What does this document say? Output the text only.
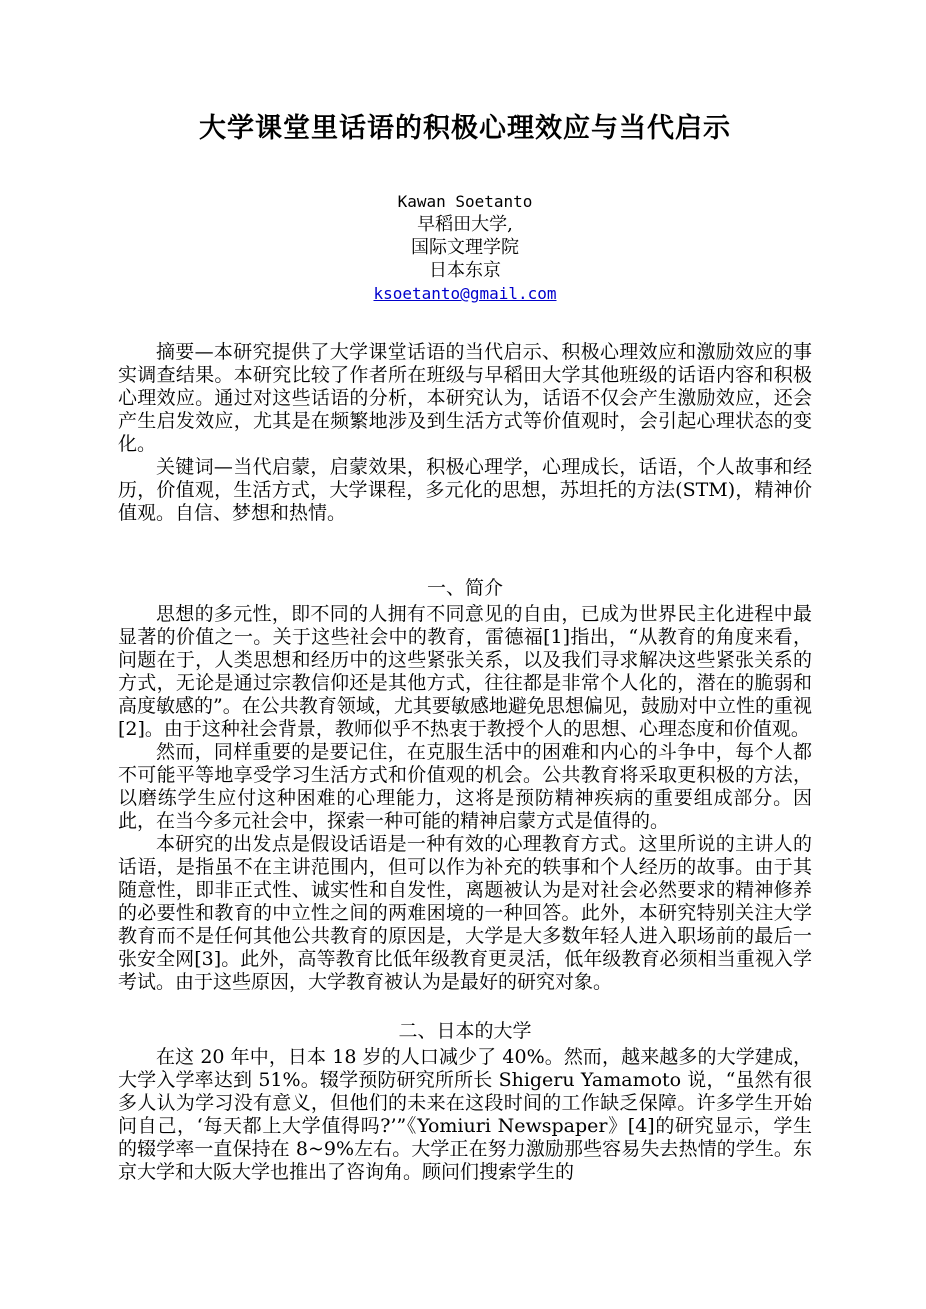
大学课堂里话语的积极心理效应与当代启示
Kawan Soetanto
早稻田大学,
国际文理学院
日本东京
ksoetanto@gmail.com

摘要—本研究提供了大学课堂话语的当代启示、积极心理效应和激励效应的事实调查结果。本研究比较了作者所在班级与早稻田大学其他班级的话语内容和积极心理效应。通过对这些话语的分析，本研究认为，话语不仅会产生激励效应，还会产生启发效应，尤其是在频繁地涉及到生活方式等价值观时，会引起心理状态的变化。

关键词—当代启蒙，启蒙效果，积极心理学，心理成长，话语，个人故事和经历，价值观，生活方式，大学课程，多元化的思想，苏坦托的方法(STM)，精神价值观。自信、梦想和热情。

一、简介

思想的多元性，即不同的人拥有不同意见的自由，已成为世界民主化进程中最显著的价值之一。关于这些社会中的教育，雷德福[1]指出，“从教育的角度来看，问题在于，人类思想和经历中的这些紧张关系，以及我们寻求解决这些紧张关系的方式，无论是通过宗教信仰还是其他方式，往往都是非常个人化的，潜在的脆弱和高度敏感的”。在公共教育领域，尤其要敏感地避免思想偏见，鼓励对中立性的重视[2]。由于这种社会背景，教师似乎不热衷于教授个人的思想、心理态度和价值观。

然而，同样重要的是要记住，在克服生活中的困难和内心的斗争中，每个人都不可能平等地享受学习生活方式和价值观的机会。公共教育将采取更积极的方法，以磨练学生应付这种困难的心理能力，这将是预防精神疾病的重要组成部分。因此，在当今多元社会中，探索一种可能的精神启蒙方式是值得的。

本研究的出发点是假设话语是一种有效的心理教育方式。这里所说的主讲人的话语，是指虽不在主讲范围内，但可以作为补充的轶事和个人经历的故事。由于其随意性，即非正式性、诚实性和自发性，离题被认为是对社会必然要求的精神修养的必要性和教育的中立性之间的两难困境的一种回答。此外，本研究特别关注大学教育而不是任何其他公共教育的原因是，大学是大多数年轻人进入职场前的最后一张安全网[3]。此外，高等教育比低年级教育更灵活，低年级教育必须相当重视入学考试。由于这些原因，大学教育被认为是最好的研究对象。

二、日本的大学

在这 20 年中，日本 18 岁的人口减少了 40%。然而，越来越多的大学建成，大学入学率达到 51%。辍学预防研究所所长 Shigeru Yamamoto 说，“虽然有很多人认为学习没有意义，但他们的未来在这段时间的工作缺乏保障。许多学生开始问自己，‘每天都上大学值得吗?’”《Yomiuri Newspaper》[4]的研究显示，学生的辍学率一直保持在 8~9%左右。大学正在努力激励那些容易失去热情的学生。东京大学和大阪大学也推出了咨询角。顾问们搜索学生的
